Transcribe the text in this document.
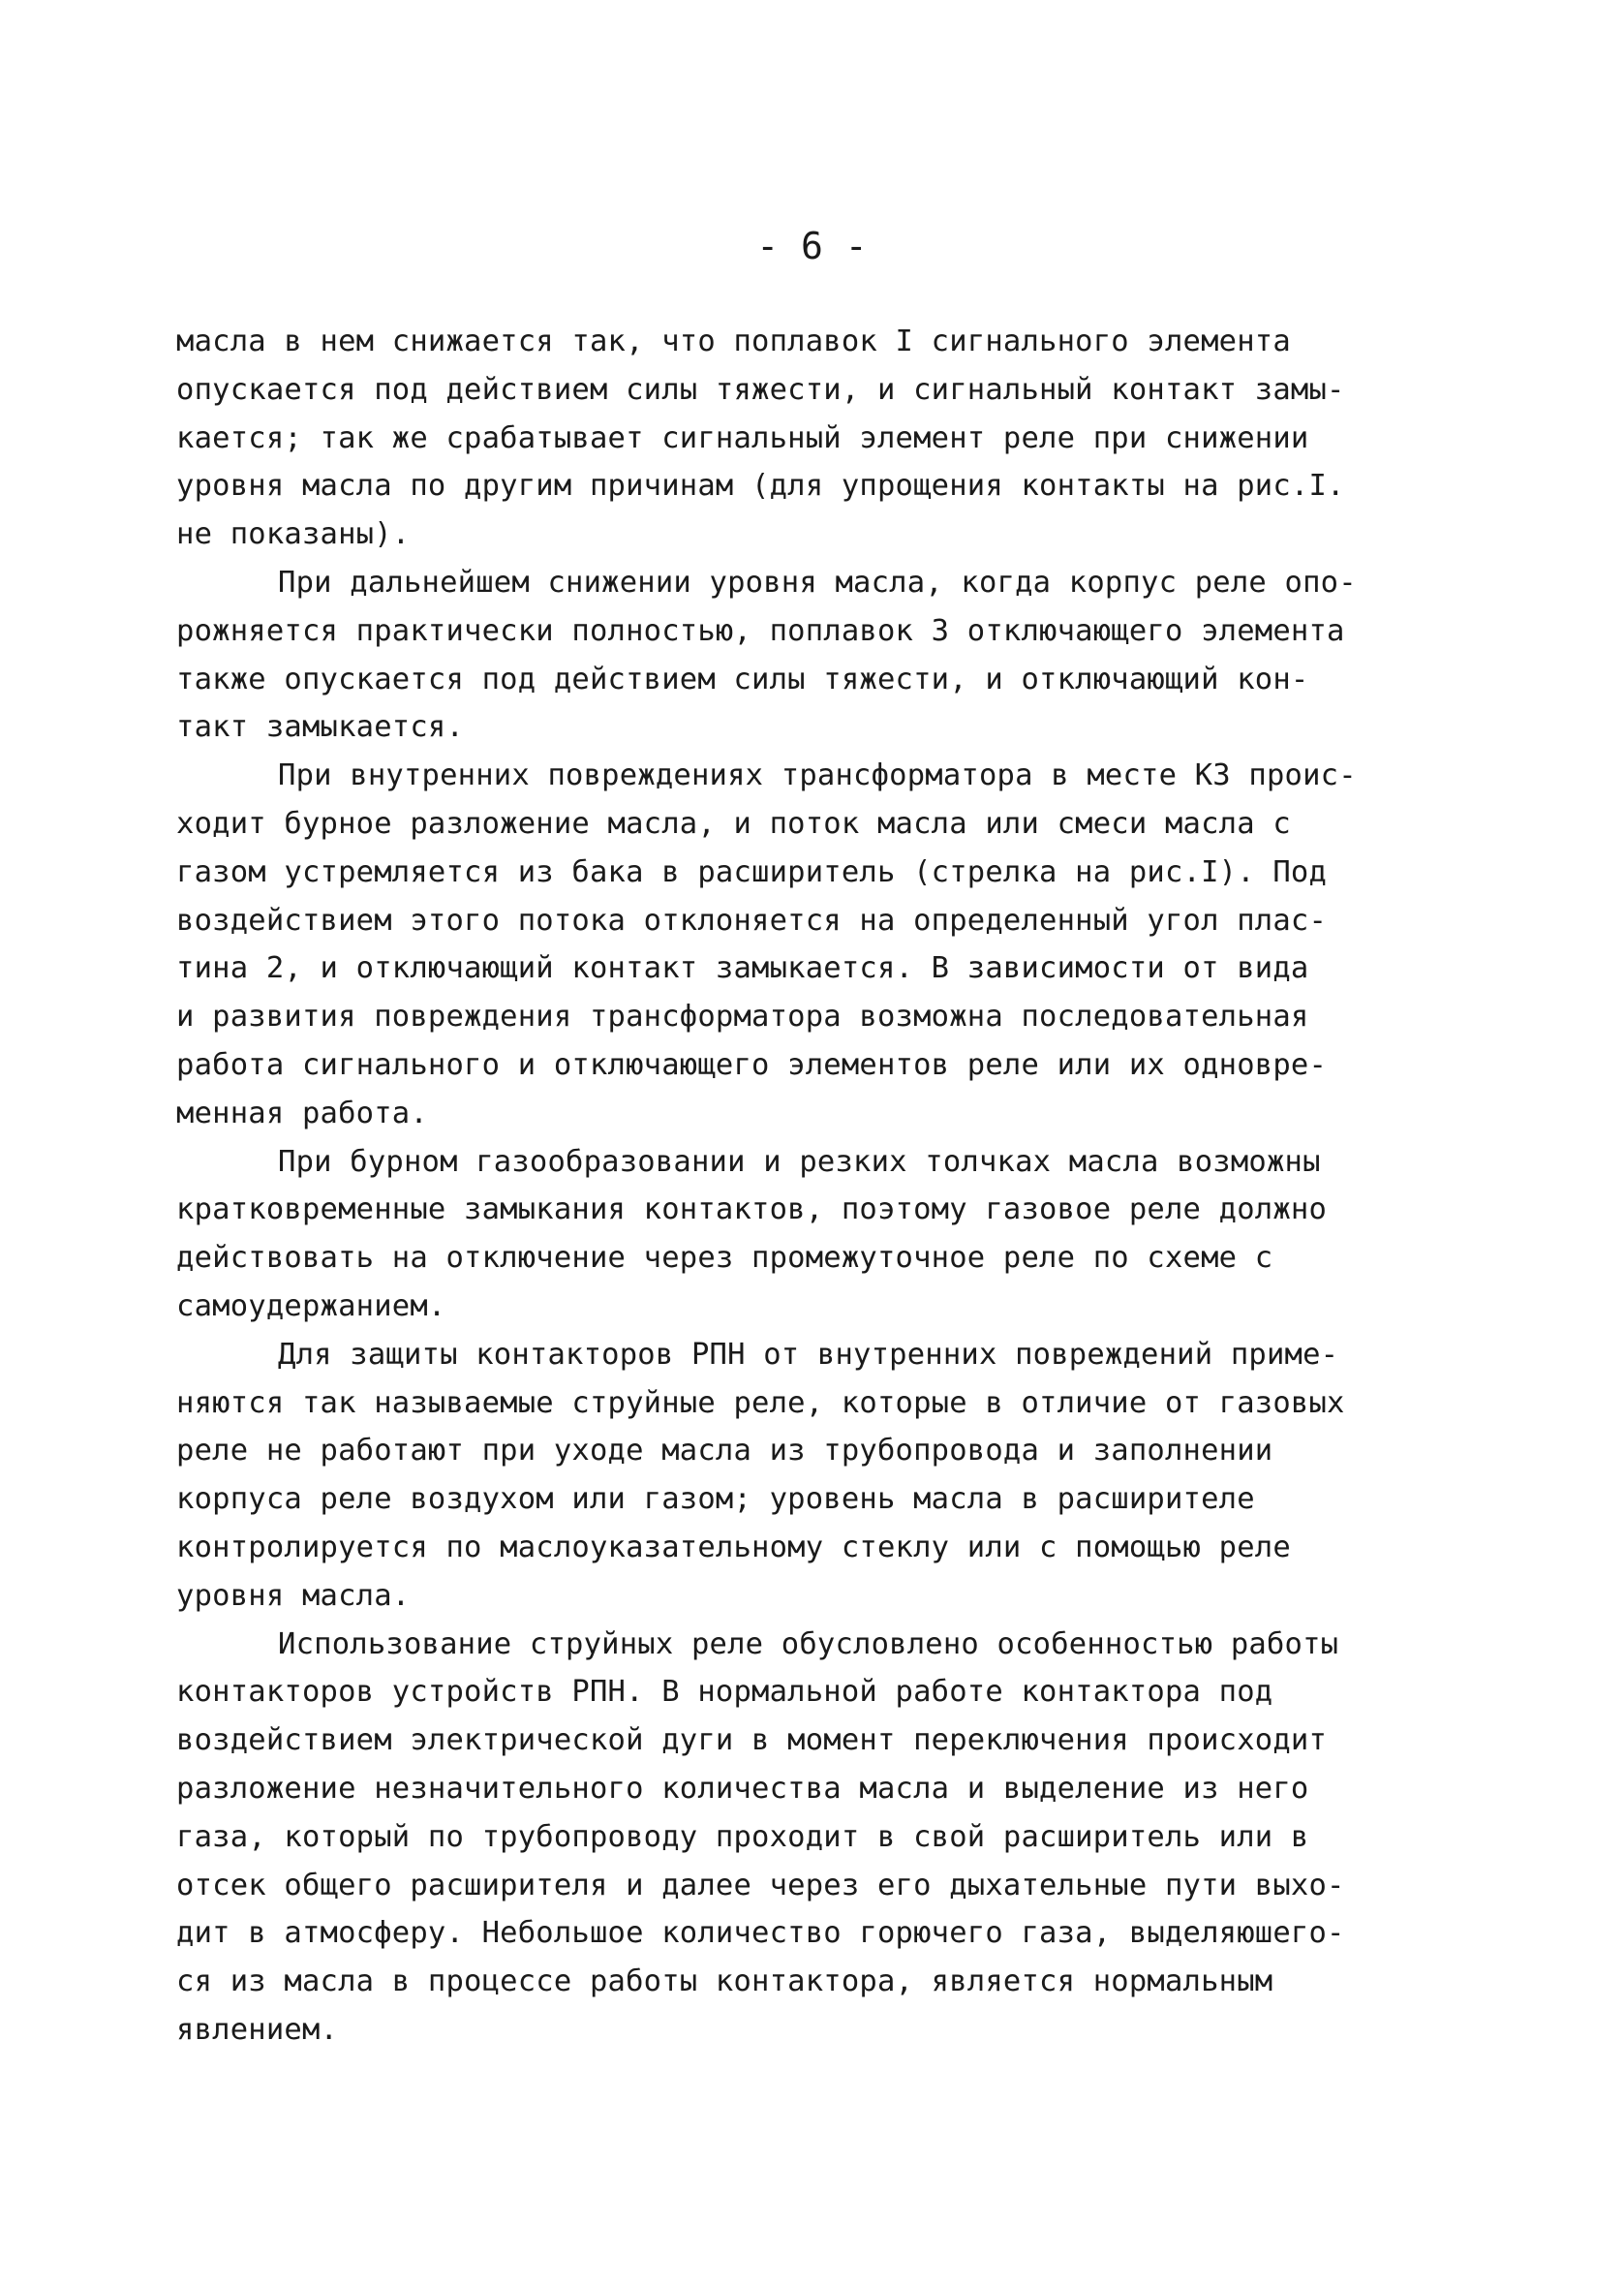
- 6 -
масла в нем снижается так, что поплавок I сигнального элемента
опускается под действием силы тяжести, и сигнальный контакт замы-
кается; так же срабатывает сигнальный элемент реле при снижении
уровня масла по другим причинам (для упрощения контакты на рис.I.
не показаны).
При дальнейшем снижении уровня масла, когда корпус реле опо-
рожняется практически полностью, поплавок 3 отключающего элемента
также опускается под действием силы тяжести, и отключающий кон-
такт замыкается.
При внутренних повреждениях трансформатора в месте КЗ проис-
ходит бурное разложение масла, и поток масла или смеси масла с
газом устремляется из бака в расширитель (стрелка на рис.I). Под
воздействием этого потока отклоняется на определенный угол плас-
тина 2, и отключающий контакт замыкается. В зависимости от вида
и развития повреждения трансформатора возможна последовательная
работа сигнального и отключающего элементов реле или их одновре-
менная работа.
При бурном газообразовании и резких толчках масла возможны
кратковременные замыкания контактов, поэтому газовое реле должно
действовать на отключение через промежуточное реле по схеме с
самоудержанием.
Для защиты контакторов РПН от внутренних повреждений приме-
няются так называемые струйные реле, которые в отличие от газовых
реле не работают при уходе масла из трубопровода и заполнении
корпуса реле воздухом или газом; уровень масла в расширителе
контролируется по маслоуказательному стеклу или с помощью реле
уровня масла.
Использование струйных реле обусловлено особенностью работы
контакторов устройств РПН. В нормальной работе контактора под
воздействием электрической дуги в момент переключения происходит
разложение незначительного количества масла и выделение из него
газа, который по трубопроводу проходит в свой расширитель или в
отсек общего расширителя и далее через его дыхательные пути выхо-
дит в атмосферу. Небольшое количество горючего газа, выделяюшего-
ся из масла в процессе работы контактора, является нормальным
явлением.
